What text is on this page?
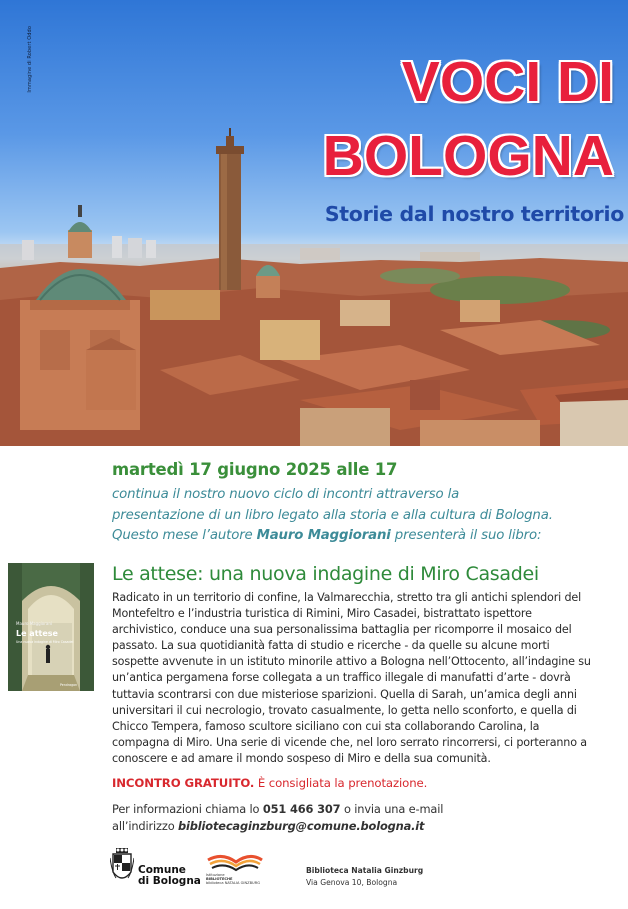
Immagine di Robert Oddo	VOCI DI
BOLOGNA
Storie dal nostro territorio
martedì 17 giugno 2025 alle 17
continua il nostro nuovo ciclo di incontri attraverso la
presentazione di un libro legato alla storia e alla cultura di Bologna.
Questo mese l’autore Mauro Maggiorani presenterà il suo libro:
Mauro Maggiorani
Le attese
Una nuova indagine di Miro Casadei
Pendragon
Le attese: una nuova indagine di Miro Casadei
Radicato in un territorio di confine, la Valmarecchia, stretto tra gli antichi splendori del
Montefeltro e l’industria turistica di Rimini, Miro Casadei, bistrattato ispettore
archivistico, conduce una sua personalissima battaglia per ricomporre il mosaico del
passato. La sua quotidianità fatta di studio e ricerche - da quelle su alcune morti
sospette avvenute in un istituto minorile attivo a Bologna nell’Ottocento, all’indagine su
un’antica pergamena forse collegata a un traffico illegale di manufatti d’arte - dovrà
tuttavia scontrarsi con due misteriose sparizioni. Quella di Sarah, un’amica degli anni
universitari il cui necrologio, trovato casualmente, lo getta nello sconforto, e quella di
Chicco Tempera, famoso scultore siciliano con cui sta collaborando Carolina, la
compagna di Miro. Una serie di vicende che, nel loro serrato rincorrersi, ci porteranno a
conoscere e ad amare il mondo sospeso di Miro e della sua comunità.
INCONTRO GRATUITO. È consigliata la prenotazione.
Per informazioni chiama lo 051 466 307 o invia una e-mail
all’indirizzo bibliotecaginzburg@comune.bologna.it
Comune
di Bologna Istituzione
BIBLIOTECHE
biblioteca NATALIA GINZBURG
Biblioteca Natalia Ginzburg
Via Genova 10, Bologna
